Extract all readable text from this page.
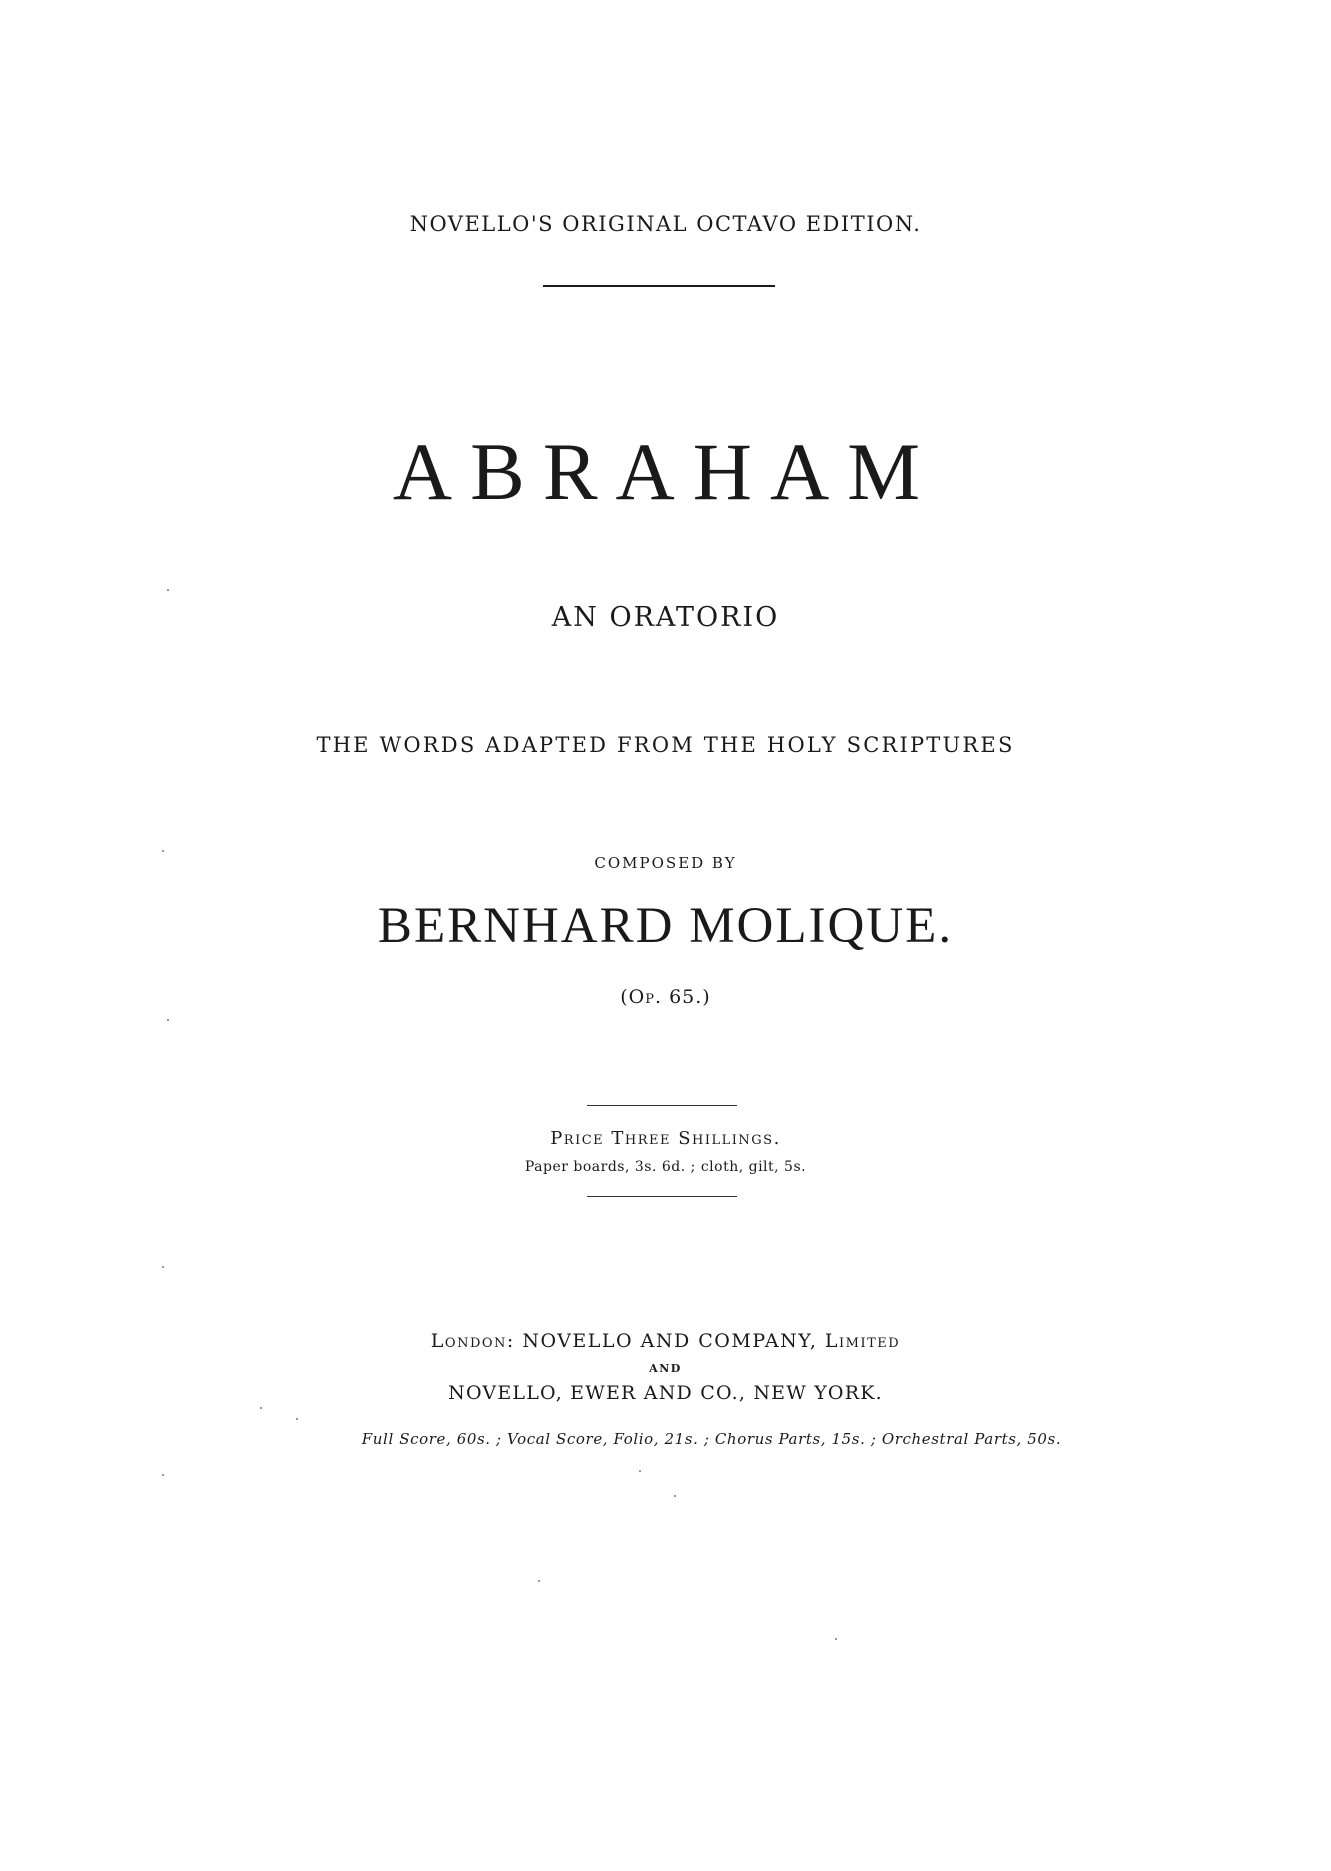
NOVELLO'S ORIGINAL OCTAVO EDITION.
ABRAHAM
AN ORATORIO
THE WORDS ADAPTED FROM THE HOLY SCRIPTURES
COMPOSED BY
BERNHARD MOLIQUE.
(Op. 65.)
Price Three Shillings.
Paper boards, 3s. 6d. ; cloth, gilt, 5s.
London: NOVELLO AND COMPANY, Limited
AND
NOVELLO, EWER AND CO., NEW YORK.
Full Score, 60s. ; Vocal Score, Folio, 21s. ; Chorus Parts, 15s. ; Orchestral Parts, 50s.
